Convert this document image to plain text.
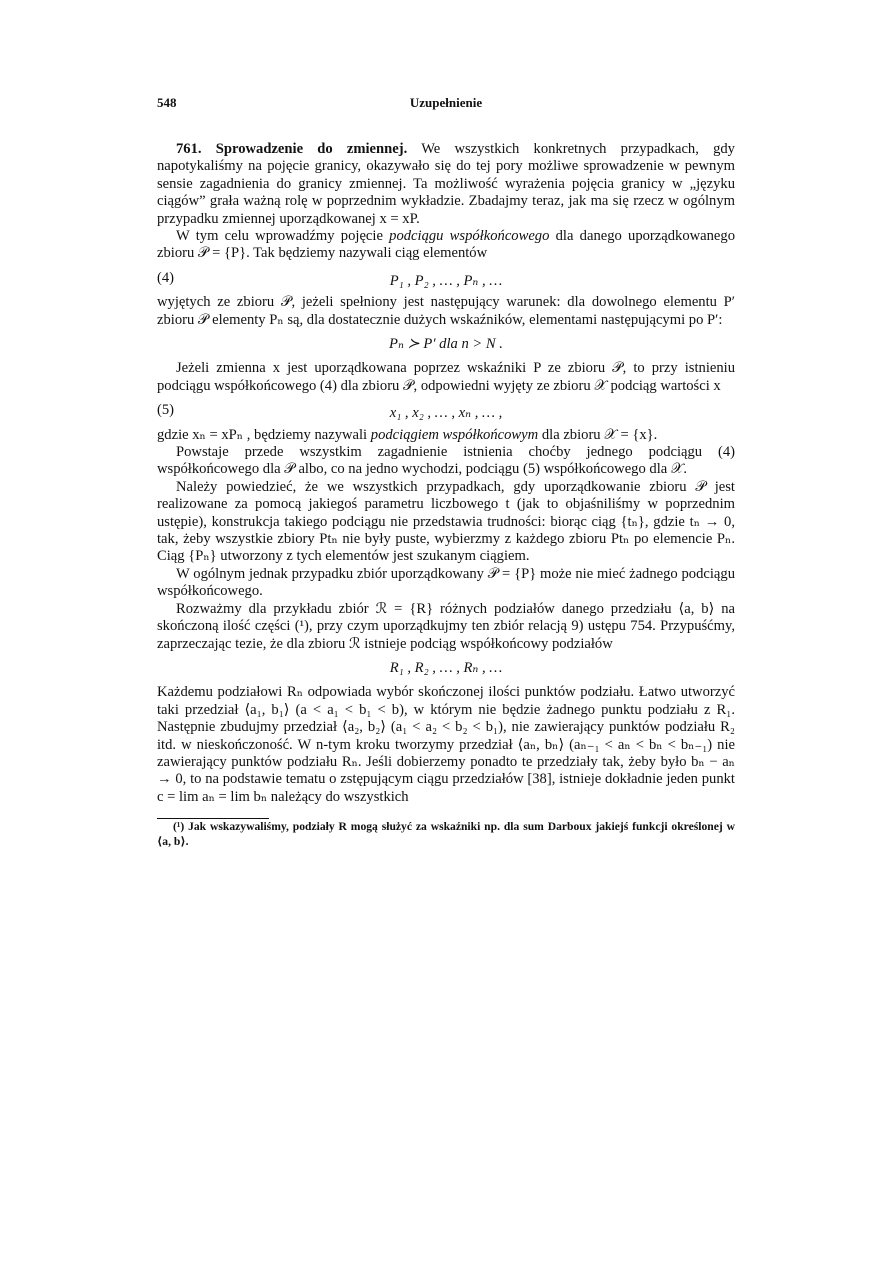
548	Uzupełnienie

761. Sprowadzenie do zmiennej. We wszystkich konkretnych przypadkach, gdy napotykaliśmy na pojęcie granicy, okazywało się do tej pory możliwe sprowadzenie w pewnym sensie zagadnienia do granicy zmiennej. Ta możliwość wyrażenia pojęcia granicy w „języku ciągów” grała ważną rolę w poprzednim wykładzie. Zbadajmy teraz, jak ma się rzecz w ogólnym przypadku zmiennej uporządkowanej x = xP.

W tym celu wprowadźmy pojęcie podciągu współkońcowego dla danego uporządkowanego zbioru 𝒫 = {P}. Tak będziemy nazywali ciąg elementów

(4)	P₁ , P₂ , … , Pₙ , …

wyjętych ze zbioru 𝒫, jeżeli spełniony jest następujący warunek: dla dowolnego elementu P′ zbioru 𝒫 elementy Pₙ są, dla dostatecznie dużych wskaźników, elementami następującymi po P′:

Pₙ ≻ P′ dla n > N .

Jeżeli zmienna x jest uporządkowana poprzez wskaźniki P ze zbioru 𝒫, to przy istnieniu podciągu współkońcowego (4) dla zbioru 𝒫, odpowiedni wyjęty ze zbioru 𝒳 podciąg wartości x

(5)	x₁ , x₂ , … , xₙ , … ,

gdzie xₙ = xPₙ , będziemy nazywali podciągiem współkońcowym dla zbioru 𝒳 = {x}.

Powstaje przede wszystkim zagadnienie istnienia choćby jednego podciągu (4) współkońcowego dla 𝒫 albo, co na jedno wychodzi, podciągu (5) współkońcowego dla 𝒳.

Należy powiedzieć, że we wszystkich przypadkach, gdy uporządkowanie zbioru 𝒫 jest realizowane za pomocą jakiegoś parametru liczbowego t (jak to objaśniliśmy w poprzednim ustępie), konstrukcja takiego podciągu nie przedstawia trudności: biorąc ciąg {tₙ}, gdzie tₙ → 0, tak, żeby wszystkie zbiory Ptₙ nie były puste, wybierzmy z każdego zbioru Ptₙ po elemencie Pₙ. Ciąg {Pₙ} utworzony z tych elementów jest szukanym ciągiem.

W ogólnym jednak przypadku zbiór uporządkowany 𝒫 = {P} może nie mieć żadnego podciągu współkońcowego.

Rozważmy dla przykładu zbiór ℛ = {R} różnych podziałów danego przedziału ⟨a, b⟩ na skończoną ilość części (¹), przy czym uporządkujmy ten zbiór relacją 9) ustępu 754. Przypuśćmy, zaprzeczając tezie, że dla zbioru ℛ istnieje podciąg współkońcowy podziałów

R₁ , R₂ , … , Rₙ , …

Każdemu podziałowi Rₙ odpowiada wybór skończonej ilości punktów podziału. Łatwo utworzyć taki przedział ⟨a₁, b₁⟩ (a < a₁ < b₁ < b), w którym nie będzie żadnego punktu podziału z R₁. Następnie zbudujmy przedział ⟨a₂, b₂⟩ (a₁ < a₂ < b₂ < b₁), nie zawierający punktów podziału R₂ itd. w nieskończoność. W n-tym kroku tworzymy przedział ⟨aₙ, bₙ⟩ (aₙ₋₁ < aₙ < bₙ < bₙ₋₁) nie zawierający punktów podziału Rₙ. Jeśli dobierzemy ponadto te przedziały tak, żeby było bₙ − aₙ → 0, to na podstawie tematu o zstępującym ciągu przedziałów [38], istnieje dokładnie jeden punkt c = lim aₙ = lim bₙ należący do wszystkich

(¹) Jak wskazywaliśmy, podziały R mogą służyć za wskaźniki np. dla sum Darboux jakiejś funkcji określonej w ⟨a, b⟩.
